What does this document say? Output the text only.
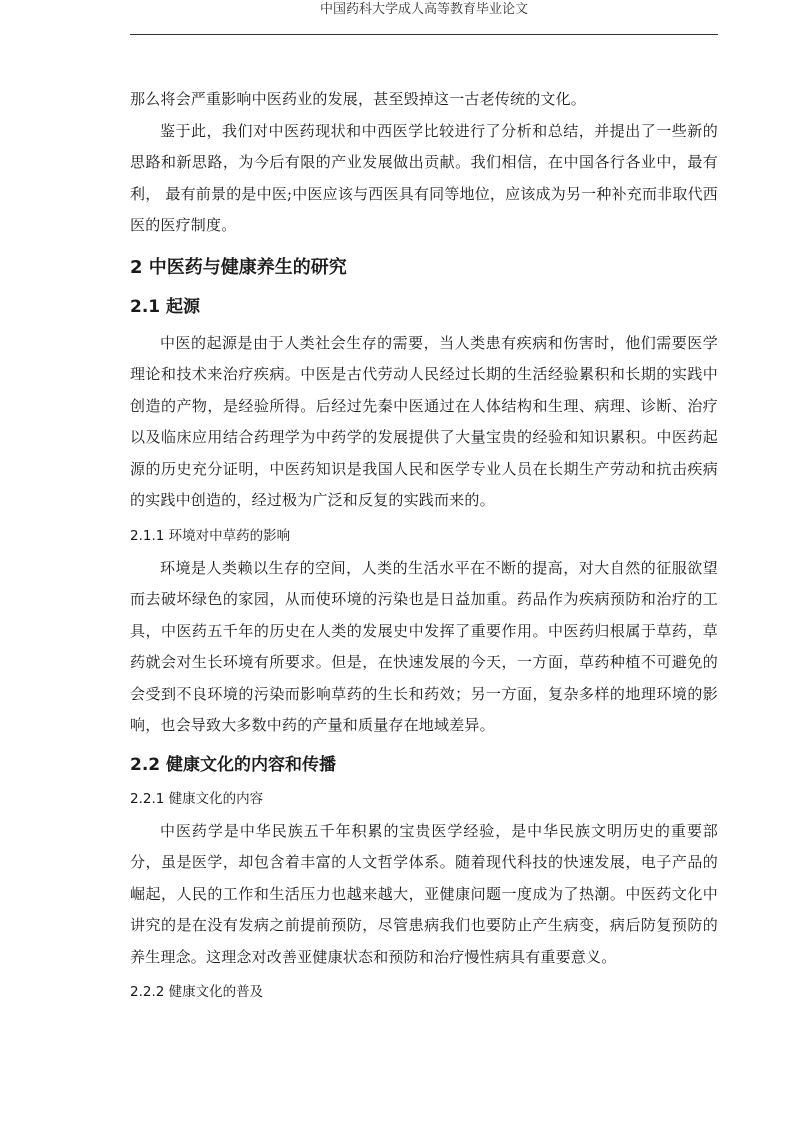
中国药科大学成人高等教育毕业论文

那么将会严重影响中医药业的发展，甚至毁掉这一古老传统的文化。

鉴于此，我们对中医药现状和中西医学比较进行了分析和总结，并提出了一些新的思路和新思路，为今后有限的产业发展做出贡献。我们相信，在中国各行各业中，最有利， 最有前景的是中医;中医应该与西医具有同等地位，应该成为另一种补充而非取代西医的医疗制度。

2 中医药与健康养生的研究
2.1 起源

中医的起源是由于人类社会生存的需要，当人类患有疾病和伤害时，他们需要医学理论和技术来治疗疾病。中医是古代劳动人民经过长期的生活经验累积和长期的实践中创造的产物，是经验所得。后经过先秦中医通过在人体结构和生理、病理、诊断、治疗以及临床应用结合药理学为中药学的发展提供了大量宝贵的经验和知识累积。中医药起源的历史充分证明，中医药知识是我国人民和医学专业人员在长期生产劳动和抗击疾病的实践中创造的，经过极为广泛和反复的实践而来的。

2.1.1 环境对中草药的影响

环境是人类赖以生存的空间，人类的生活水平在不断的提高，对大自然的征服欲望而去破坏绿色的家园，从而使环境的污染也是日益加重。药品作为疾病预防和治疗的工具，中医药五千年的历史在人类的发展史中发挥了重要作用。中医药归根属于草药，草药就会对生长环境有所要求。但是，在快速发展的今天，一方面，草药种植不可避免的会受到不良环境的污染而影响草药的生长和药效；另一方面，复杂多样的地理环境的影响，也会导致大多数中药的产量和质量存在地域差异。

2.2 健康文化的内容和传播
2.2.1 健康文化的内容

中医药学是中华民族五千年积累的宝贵医学经验，是中华民族文明历史的重要部分，虽是医学，却包含着丰富的人文哲学体系。随着现代科技的快速发展，电子产品的崛起，人民的工作和生活压力也越来越大，亚健康问题一度成为了热潮。中医药文化中讲究的是在没有发病之前提前预防，尽管患病我们也要防止产生病变，病后防复预防的养生理念。这理念对改善亚健康状态和预防和治疗慢性病具有重要意义。

2.2.2 健康文化的普及
